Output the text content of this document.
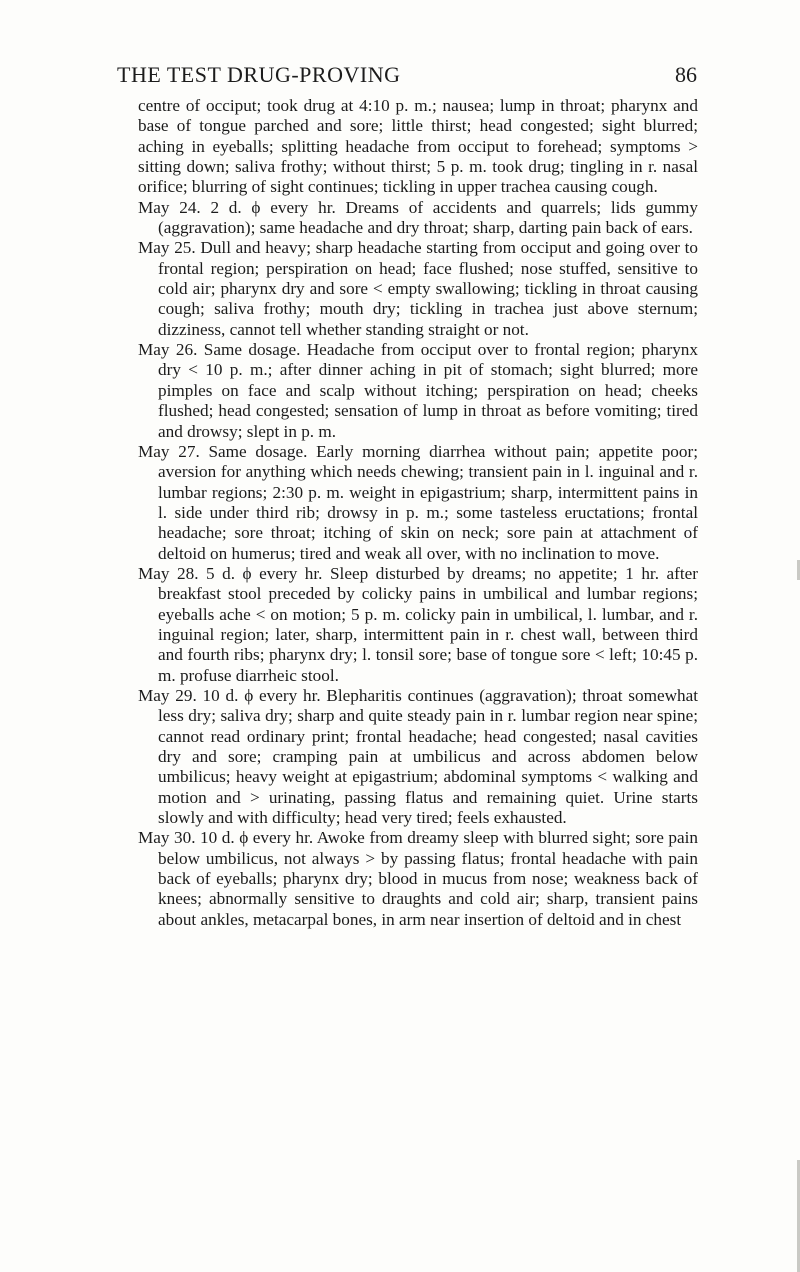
THE TEST DRUG-PROVING	86

centre of occiput; took drug at 4:10 p. m.; nausea; lump in throat; pharynx and base of tongue parched and sore; little thirst; head congested; sight blurred; aching in eyeballs; splitting headache from occiput to forehead; symptoms > sitting down; saliva frothy; without thirst; 5 p. m. took drug; tingling in r. nasal orifice; blurring of sight continues; tickling in upper trachea causing cough.

May 24. 2 d. ϕ every hr. Dreams of accidents and quarrels; lids gummy (aggravation); same headache and dry throat; sharp, darting pain back of ears.

May 25. Dull and heavy; sharp headache starting from occiput and going over to frontal region; perspiration on head; face flushed; nose stuffed, sensitive to cold air; pharynx dry and sore < empty swallowing; tickling in throat causing cough; saliva frothy; mouth dry; tickling in trachea just above sternum; dizziness, cannot tell whether standing straight or not.

May 26. Same dosage. Headache from occiput over to frontal region; pharynx dry < 10 p. m.; after dinner aching in pit of stomach; sight blurred; more pimples on face and scalp without itching; perspiration on head; cheeks flushed; head congested; sensation of lump in throat as before vomiting; tired and drowsy; slept in p. m.

May 27. Same dosage. Early morning diarrhea without pain; appetite poor; aversion for anything which needs chewing; transient pain in l. inguinal and r. lumbar regions; 2:30 p. m. weight in epigastrium; sharp, intermittent pains in l. side under third rib; drowsy in p. m.; some tasteless eructations; frontal headache; sore throat; itching of skin on neck; sore pain at attachment of deltoid on humerus; tired and weak all over, with no inclination to move.

May 28. 5 d. ϕ every hr. Sleep disturbed by dreams; no appetite; 1 hr. after breakfast stool preceded by colicky pains in umbilical and lumbar regions; eyeballs ache < on motion; 5 p. m. colicky pain in umbilical, l. lumbar, and r. inguinal region; later, sharp, intermittent pain in r. chest wall, between third and fourth ribs; pharynx dry; l. tonsil sore; base of tongue sore < left; 10:45 p. m. profuse diarrheic stool.

May 29. 10 d. ϕ every hr. Blepharitis continues (aggravation); throat somewhat less dry; saliva dry; sharp and quite steady pain in r. lumbar region near spine; cannot read ordinary print; frontal headache; head congested; nasal cavities dry and sore; cramping pain at umbilicus and across abdomen below umbilicus; heavy weight at epigastrium; abdominal symptoms < walking and motion and > urinating, passing flatus and remaining quiet. Urine starts slowly and with difficulty; head very tired; feels exhausted.

May 30. 10 d. ϕ every hr. Awoke from dreamy sleep with blurred sight; sore pain below umbilicus, not always > by passing flatus; frontal headache with pain back of eyeballs; pharynx dry; blood in mucus from nose; weakness back of knees; abnormally sensitive to draughts and cold air; sharp, transient pains about ankles, metacarpal bones, in arm near insertion of deltoid and in chest
